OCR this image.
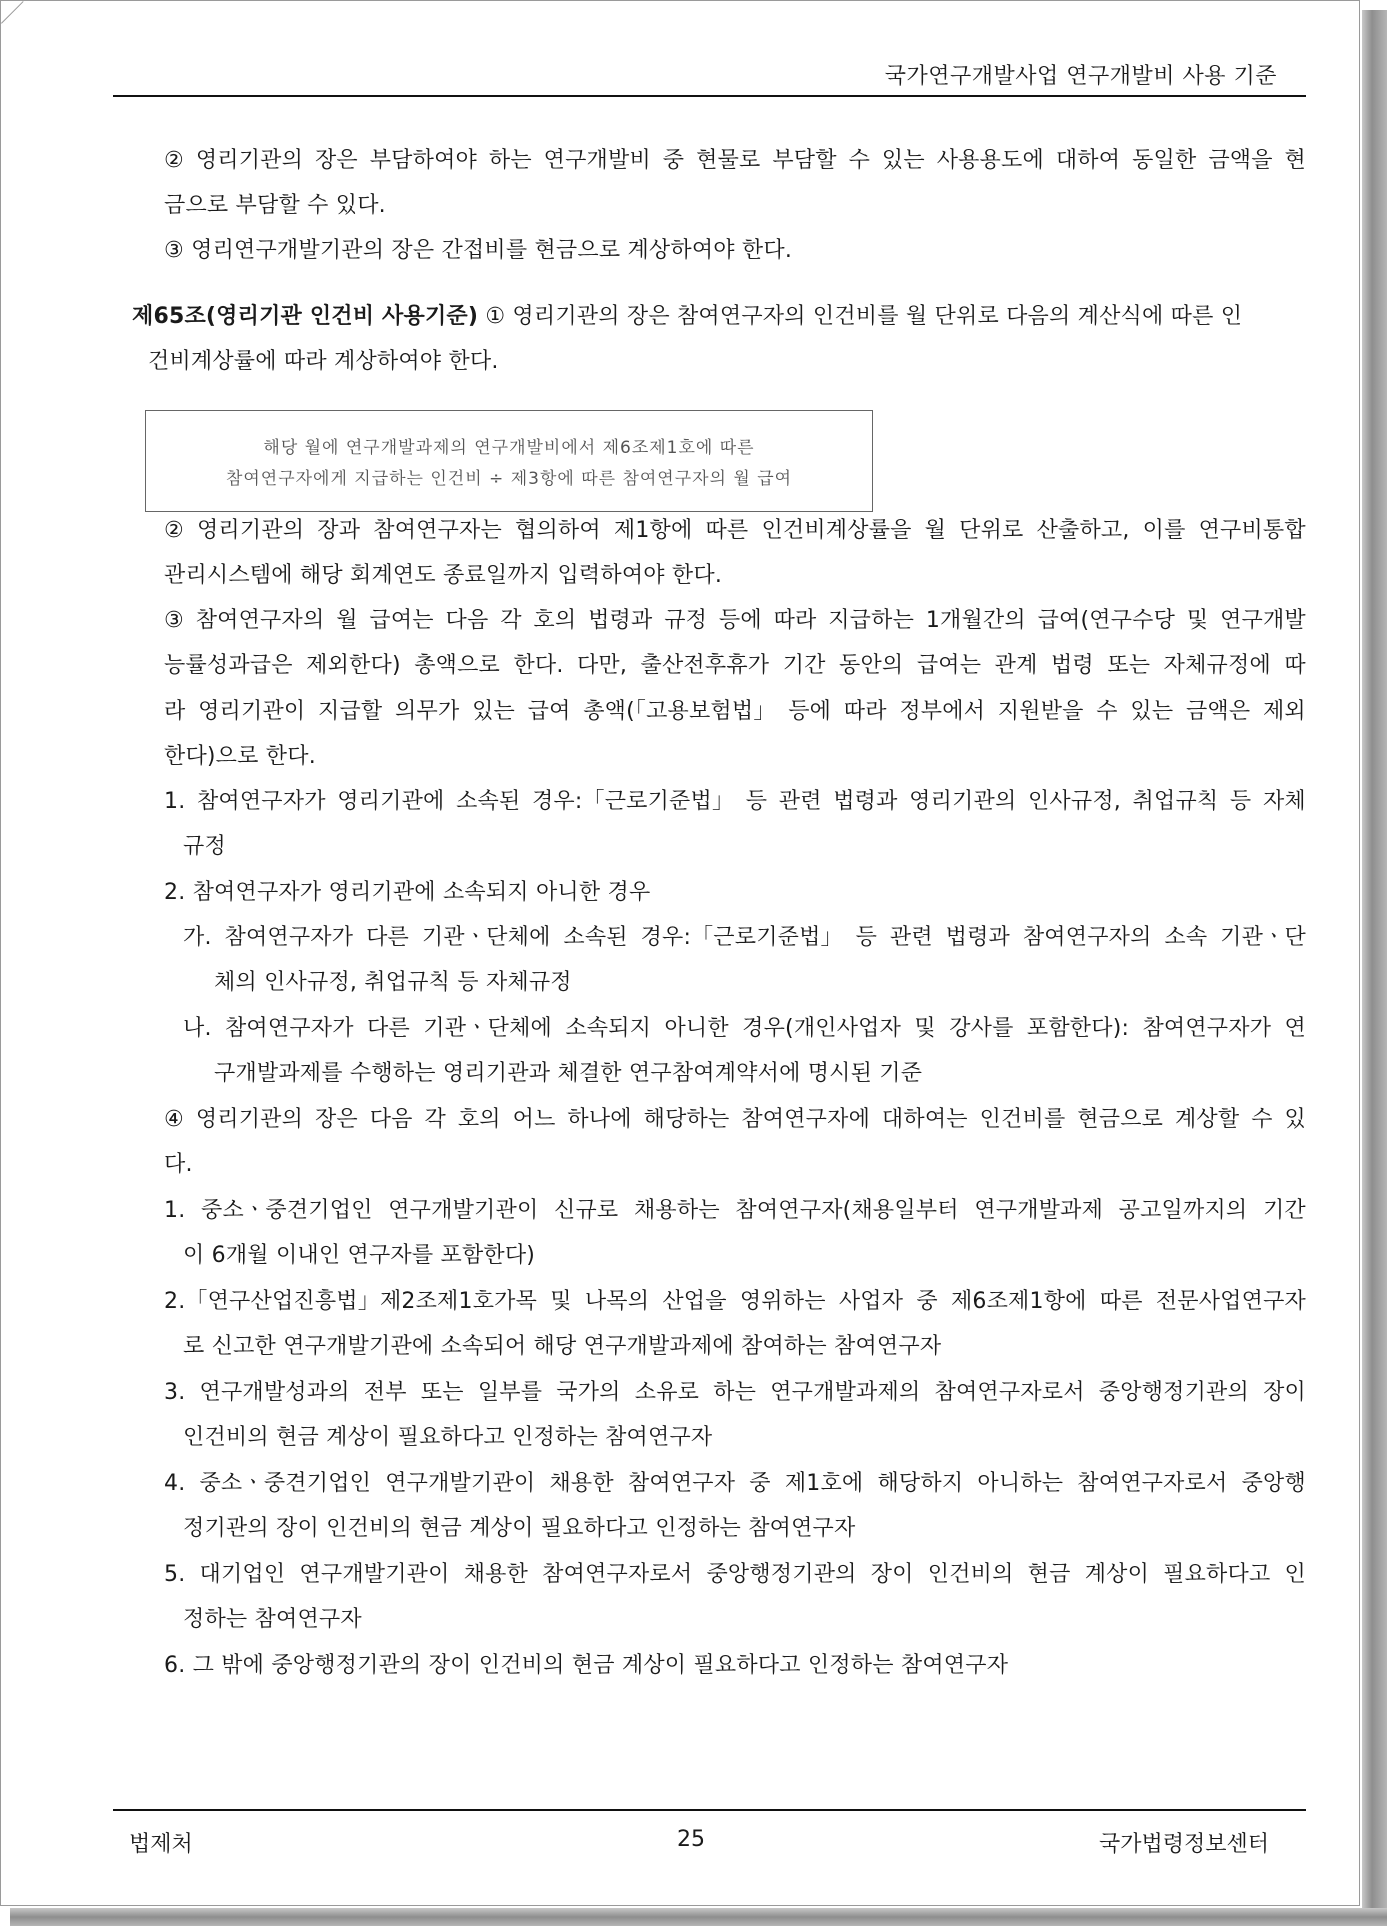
국가연구개발사업 연구개발비 사용 기준
② 영리기관의 장은 부담하여야 하는 연구개발비 중 현물로 부담할 수 있는 사용용도에 대하여 동일한 금액을 현
금으로 부담할 수 있다.
③ 영리연구개발기관의 장은 간접비를 현금으로 계상하여야 한다.
제65조(영리기관 인건비 사용기준) ① 영리기관의 장은 참여연구자의 인건비를 월 단위로 다음의 계산식에 따른 인
건비계상률에 따라 계상하여야 한다.
해당 월에 연구개발과제의 연구개발비에서 제6조제1호에 따른
참여연구자에게 지급하는 인건비 ÷ 제3항에 따른 참여연구자의 월 급여
② 영리기관의 장과 참여연구자는 협의하여 제1항에 따른 인건비계상률을 월 단위로 산출하고, 이를 연구비통합
관리시스템에 해당 회계연도 종료일까지 입력하여야 한다.
③ 참여연구자의 월 급여는 다음 각 호의 법령과 규정 등에 따라 지급하는 1개월간의 급여(연구수당 및 연구개발
능률성과급은 제외한다) 총액으로 한다. 다만, 출산전후휴가 기간 동안의 급여는 관계 법령 또는 자체규정에 따
라 영리기관이 지급할 의무가 있는 급여 총액(「고용보험법」 등에 따라 정부에서 지원받을 수 있는 금액은 제외
한다)으로 한다.
1. 참여연구자가 영리기관에 소속된 경우:「근로기준법」 등 관련 법령과 영리기관의 인사규정, 취업규칙 등 자체
규정
2. 참여연구자가 영리기관에 소속되지 아니한 경우
가. 참여연구자가 다른 기관ㆍ단체에 소속된 경우:「근로기준법」 등 관련 법령과 참여연구자의 소속 기관ㆍ단
체의 인사규정, 취업규칙 등 자체규정
나. 참여연구자가 다른 기관ㆍ단체에 소속되지 아니한 경우(개인사업자 및 강사를 포함한다): 참여연구자가 연
구개발과제를 수행하는 영리기관과 체결한 연구참여계약서에 명시된 기준
④ 영리기관의 장은 다음 각 호의 어느 하나에 해당하는 참여연구자에 대하여는 인건비를 현금으로 계상할 수 있
다.
1. 중소ㆍ중견기업인 연구개발기관이 신규로 채용하는 참여연구자(채용일부터 연구개발과제 공고일까지의 기간
이 6개월 이내인 연구자를 포함한다)
2.「연구산업진흥법」제2조제1호가목 및 나목의 산업을 영위하는 사업자 중 제6조제1항에 따른 전문사업연구자
로 신고한 연구개발기관에 소속되어 해당 연구개발과제에 참여하는 참여연구자
3. 연구개발성과의 전부 또는 일부를 국가의 소유로 하는 연구개발과제의 참여연구자로서 중앙행정기관의 장이
인건비의 현금 계상이 필요하다고 인정하는 참여연구자
4. 중소ㆍ중견기업인 연구개발기관이 채용한 참여연구자 중 제1호에 해당하지 아니하는 참여연구자로서 중앙행
정기관의 장이 인건비의 현금 계상이 필요하다고 인정하는 참여연구자
5. 대기업인 연구개발기관이 채용한 참여연구자로서 중앙행정기관의 장이 인건비의 현금 계상이 필요하다고 인
정하는 참여연구자
6. 그 밖에 중앙행정기관의 장이 인건비의 현금 계상이 필요하다고 인정하는 참여연구자
법제처	25	국가법령정보센터
